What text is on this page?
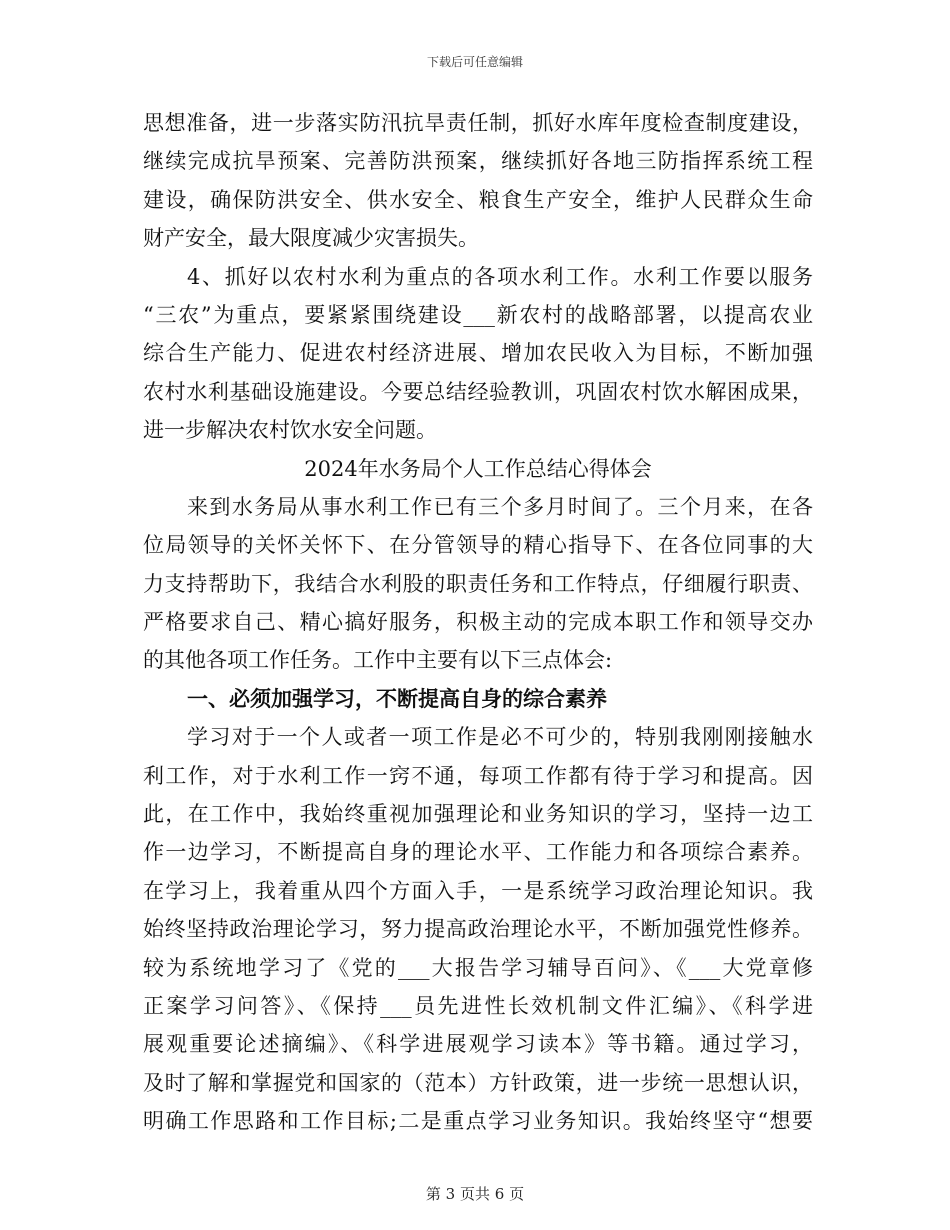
下载后可任意编辑
思想准备，进一步落实防汛抗旱责任制，抓好水库年度检查制度建设，
继续完成抗旱预案、完善防洪预案，继续抓好各地三防指挥系统工程
建设，确保防洪安全、供水安全、粮食生产安全，维护人民群众生命
财产安全，最大限度减少灾害损失。
4、抓好以农村水利为重点的各项水利工作。水利工作要以服务
“三农”为重点，要紧紧围绕建设___新农村的战略部署，以提高农业
综合生产能力、促进农村经济进展、增加农民收入为目标，不断加强
农村水利基础设施建设。今要总结经验教训，巩固农村饮水解困成果，
进一步解决农村饮水安全问题。
2024年水务局个人工作总结心得体会
来到水务局从事水利工作已有三个多月时间了。三个月来，在各
位局领导的关怀关怀下、在分管领导的精心指导下、在各位同事的大
力支持帮助下，我结合水利股的职责任务和工作特点，仔细履行职责、
严格要求自己、精心搞好服务，积极主动的完成本职工作和领导交办
的其他各项工作任务。工作中主要有以下三点体会:
一、必须加强学习，不断提高自身的综合素养
学习对于一个人或者一项工作是必不可少的，特别我刚刚接触水
利工作，对于水利工作一窍不通，每项工作都有待于学习和提高。因
此，在工作中，我始终重视加强理论和业务知识的学习，坚持一边工
作一边学习，不断提高自身的理论水平、工作能力和各项综合素养。
在学习上，我着重从四个方面入手，一是系统学习政治理论知识。我
始终坚持政治理论学习，努力提高政治理论水平，不断加强党性修养。
较为系统地学习了《党的___大报告学习辅导百问》、《___大党章修
正案学习问答》、《保持___员先进性长效机制文件汇编》、《科学进
展观重要论述摘编》、《科学进展观学习读本》等书籍。通过学习，
及时了解和掌握党和国家的（范本）方针政策，进一步统一思想认识，
明确工作思路和工作目标;二是重点学习业务知识。我始终坚守“想要
第 3 页共 6 页
